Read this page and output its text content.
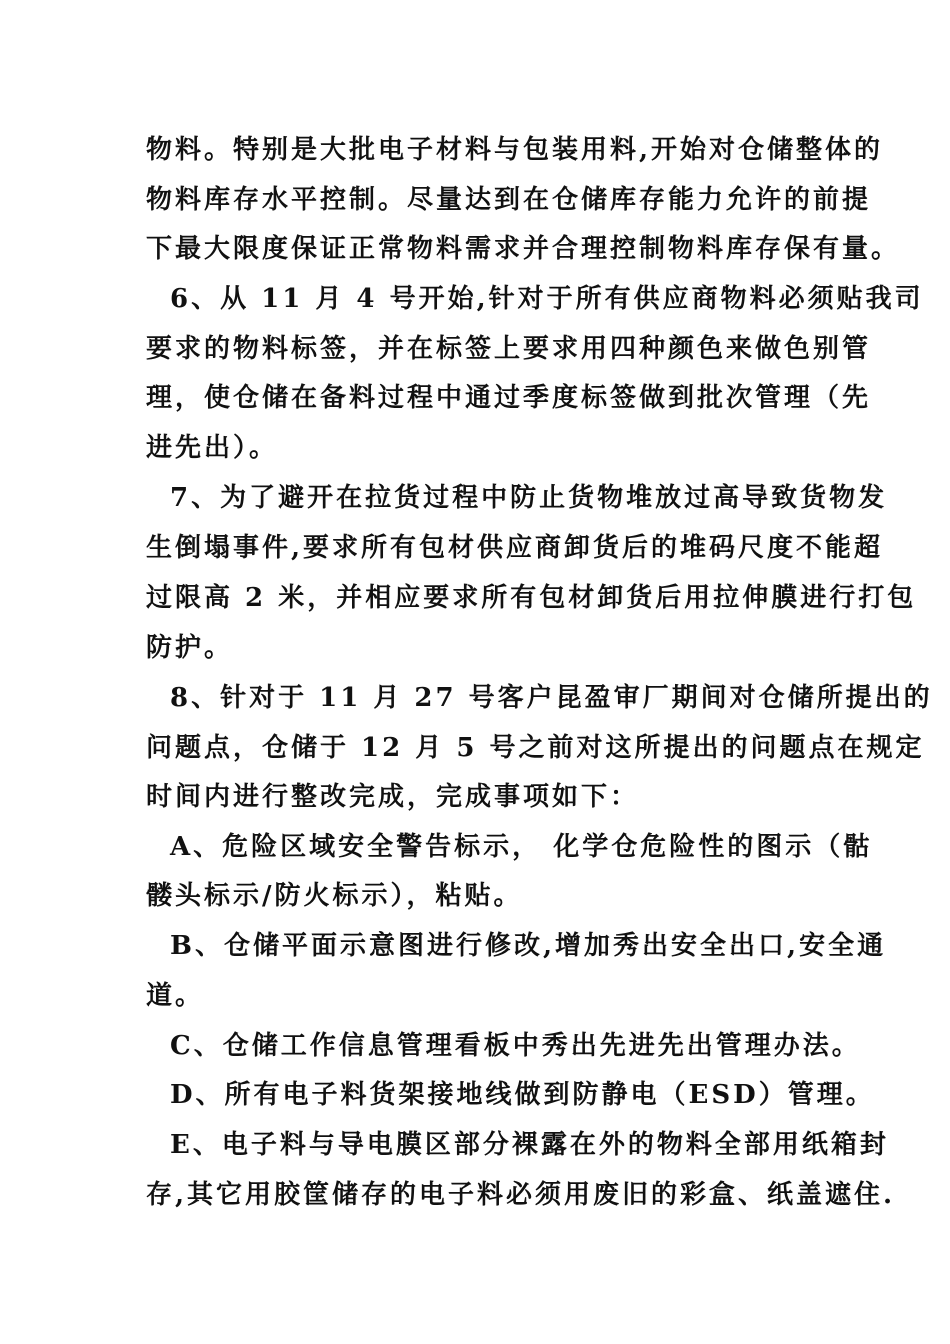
物料。特别是大批电子材料与包装用料,开始对仓储整体的
物料库存水平控制。尽量达到在仓储库存能力允许的前提
下最大限度保证正常物料需求并合理控制物料库存保有量。
6、从 11 月 4 号开始,针对于所有供应商物料必须贴我司
要求的物料标签，并在标签上要求用四种颜色来做色别管
理，使仓储在备料过程中通过季度标签做到批次管理（先
进先出）。
7、为了避开在拉货过程中防止货物堆放过高导致货物发
生倒塌事件,要求所有包材供应商卸货后的堆码尺度不能超
过限高 2 米，并相应要求所有包材卸货后用拉伸膜进行打包
防护。
8、针对于 11 月 27 号客户昆盈审厂期间对仓储所提出的
问题点，仓储于 12 月 5 号之前对这所提出的问题点在规定
时间内进行整改完成，完成事项如下：
A、危险区域安全警告标示， 化学仓危险性的图示（骷
髅头标示/防火标示），粘贴。
B、仓储平面示意图进行修改,增加秀出安全出口,安全通
道。
C、仓储工作信息管理看板中秀出先进先出管理办法。
D、所有电子料货架接地线做到防静电（ESD）管理。
E、电子料与导电膜区部分裸露在外的物料全部用纸箱封
存,其它用胶筐储存的电子料必须用废旧的彩盒、纸盖遮住.
